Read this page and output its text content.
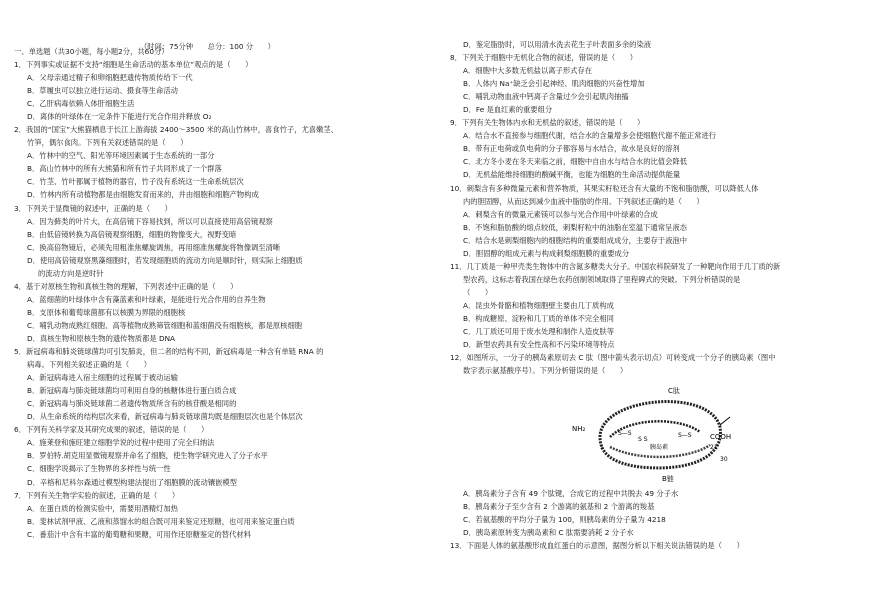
（时间：75分钟　　总分：100 分　　）
一、单选题（共30小题，每小题2分，共60分）
1．下列事实或证据不支持“细胞是生命活动的基本单位”观点的是（　　）
A．父母亲通过精子和卵细胞把遗传物质传给下一代
B．草履虫可以独立进行运动、摄食等生命活动
C．乙肝病毒依赖人体肝细胞生活
D．离体的叶绿体在一定条件下能进行光合作用并释放 O₂
2．我国的“国宝”大熊猫栖息于长江上游海拔 2400～3500 米的高山竹林中，喜食竹子，尤喜嫩茎、
竹笋，偶尔食肉。下列有关叙述错误的是（　　）
A．竹林中的空气、阳光等环境因素属于生态系统的一部分
B．高山竹林中的所有大熊猫和所有竹子共同形成了一个群落
C．竹茎、竹叶都属于植物的器官，竹子没有系统这一生命系统层次
D．竹林内所有动植物都是由细胞发育而来的，并由细胞和细胞产物构成
3．下列关于显微镜的叙述中，正确的是（　　）
A．因为藓类的叶片大，在高倍镜下容易找到，所以可以直接使用高倍镜观察
B．由低倍镜转换为高倍镜观察细胞，细胞的物像变大，视野变暗
C．换高倍物镜后，必须先用粗准焦螺旋调焦，再用细准焦螺旋将物像调至清晰
D．使用高倍镜观察黑藻细胞时，若发现细胞质的流动方向是顺时针，则实际上细胞质
的流动方向是逆时针
4．基于对原核生物和真核生物的理解，下列表述中正确的是（　　）
A．蓝细菌的叶绿体中含有藻蓝素和叶绿素，是能进行光合作用的自养生物
B．支原体和葡萄球菌都有以核膜为界限的细胞核
C．哺乳动物成熟红细胞、高等植物成熟筛管细胞和蓝细菌没有细胞核，都是原核细胞
D．真核生物和原核生物的遗传物质都是 DNA
5．新冠病毒和肺炎链球菌均可引发肺炎，但二者的结构不同，新冠病毒是一种含有单链 RNA 的
病毒。下列相关叙述正确的是（　　）
A．新冠病毒进入宿主细胞的过程属于被动运输
B．新冠病毒与肺炎链球菌均可利用自身的核糖体进行蛋白质合成
C．新冠病毒与肺炎链球菌二者遗传物质所含有的核苷酸是相同的
D．从生命系统的结构层次来看，新冠病毒与肺炎链球菌均既是细胞层次也是个体层次
6．下列有关科学家及其研究成果的叙述，错误的是（　　）
A．施莱登和施旺建立细胞学说的过程中使用了完全归纳法
B．罗伯特.胡克用显微镜观察并命名了细胞，使生物学研究进入了分子水平
C．细胞学说揭示了生物界的多样性与统一性
D．辛格和尼科尔森通过模型构建法提出了细胞膜的流动镶嵌模型
7．下列有关生物学实验的叙述，正确的是（　　）
A．在蛋白质的检测实验中，需要用酒精灯加热
B．斐林试剂甲液、乙液和蒸馏水的组合既可用来鉴定还原糖，也可用来鉴定蛋白质
C．番茄汁中含有丰富的葡萄糖和果糖，可用作还原糖鉴定的替代材料
D．鉴定脂肪时，可以用清水洗去花生子叶表面多余的染液
8．下列关于细胞中无机化合物的叙述，错误的是（　　）
A．细胞中大多数无机盐以离子形式存在
B．人体内 Na⁺缺乏会引起神经、肌肉细胞的兴奋性增加
C．哺乳动物血液中钙离子含量过少会引起肌肉抽搐
D．Fe 是血红素的重要组分
9．下列有关生物体内水和无机盐的叙述，错误的是（　　）
A．结合水不直接参与细胞代谢，结合水的含量增多会使细胞代谢不能正常进行
B．带有正电荷或负电荷的分子都容易与水结合，故水是良好的溶剂
C．北方冬小麦在冬天来临之前，细胞中自由水与结合水的比值会降低
D．无机盐能维持细胞的酸碱平衡，也能为细胞的生命活动提供能量
10．刺梨含有多种微量元素和营养物质，其果实籽粒还含有大量的不饱和脂肪酸，可以降低人体
内的胆固醇，从而达到减少血液中脂肪的作用。下列叙述正确的是（　　）
A．刺梨含有的微量元素镁可以参与光合作用中叶绿素的合成
B．不饱和脂肪酸的熔点较低，刺梨籽粒中的油脂在室温下通常呈液态
C．结合水是刺梨细胞内的细胞结构的重要组成成分，主要存于液泡中
D．胆固醇的组成元素与构成刺梨细胞膜的重要成分
11．几丁质是一种甲壳类生物体中的含氮多糖类大分子。中国农科院研发了一种靶向作用于几丁质的新
型农药，这标志着我国在绿色农药创制领域取得了里程碑式的突破。下列分析错误的是
（　　）
A．昆虫外骨骼和植物细胞壁主要由几丁质构成
B．构成糖原、淀粉和几丁质的单体不完全相同
C．几丁质还可用于废水处理和制作人造皮肤等
D．新型农药具有安全性高和不污染环境等特点
12．如图所示，一分子的胰岛素原切去 C 肽（图中箭头表示切点）可转变成一个分子的胰岛素（图中
数字表示氨基酸序号）。下列分析错误的是（　　）
C肽
B链
NH₂
COOH
1	21
30
胰岛素
S—S
S S
S—S
A．胰岛素分子含有 49 个肽键，合成它的过程中共脱去 49 分子水
B．胰岛素分子至少含有 2 个游离的氨基和 2 个游离的羧基
C．若氨基酸的平均分子量为 100，则胰岛素的分子量为 4218
D．胰岛素原转变为胰岛素和 C 肽需要消耗 2 分子水
13．下面是人体的氨基酸形成血红蛋白的示意图，据图分析以下相关说法错误的是（　　）
